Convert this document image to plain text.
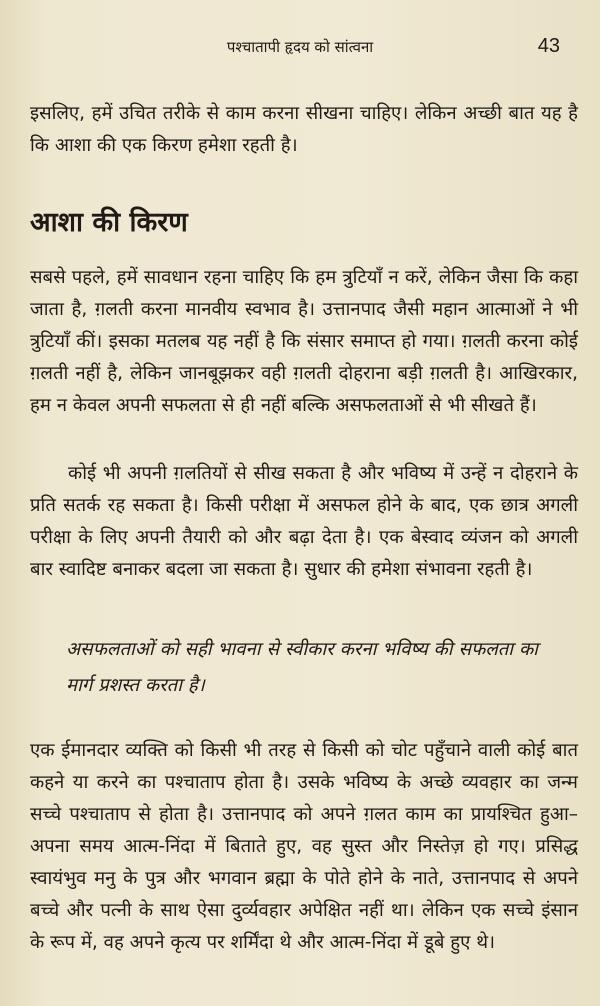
पश्चातापी हृदय को सांत्वना	43

इसलिए, हमें उचित तरीके से काम करना सीखना चाहिए। लेकिन अच्छी बात यह है कि आशा की एक किरण हमेशा रहती है।

आशा की किरण

सबसे पहले, हमें सावधान रहना चाहिए कि हम त्रुटियाँ न करें, लेकिन जैसा कि कहा जाता है, ग़लती करना मानवीय स्वभाव है। उत्तानपाद जैसी महान आत्माओं ने भी त्रुटियाँ कीं। इसका मतलब यह नहीं है कि संसार समाप्त हो गया। ग़लती करना कोई ग़लती नहीं है, लेकिन जानबूझकर वही ग़लती दोहराना बड़ी ग़लती है। आखिरकार, हम न केवल अपनी सफलता से ही नहीं बल्कि असफलताओं से भी सीखते हैं।

कोई भी अपनी ग़लतियों से सीख सकता है और भविष्य में उन्हें न दोहराने के प्रति सतर्क रह सकता है। किसी परीक्षा में असफल होने के बाद, एक छात्र अगली परीक्षा के लिए अपनी तैयारी को और बढ़ा देता है। एक बेस्वाद व्यंजन को अगली बार स्वादिष्ट बनाकर बदला जा सकता है। सुधार की हमेशा संभावना रहती है।

असफलताओं को सही भावना से स्वीकार करना भविष्य की सफलता का मार्ग प्रशस्त करता है।

एक ईमानदार व्यक्ति को किसी भी तरह से किसी को चोट पहुँचाने वाली कोई बात कहने या करने का पश्चाताप होता है। उसके भविष्य के अच्छे व्यवहार का जन्म सच्चे पश्चाताप से होता है। उत्तानपाद को अपने ग़लत काम का प्रायश्चित हुआ–अपना समय आत्म-निंदा में बिताते हुए, वह सुस्त और निस्तेज़ हो गए। प्रसिद्ध स्वायंभुव मनु के पुत्र और भगवान ब्रह्मा के पोते होने के नाते, उत्तानपाद से अपने बच्चे और पत्नी के साथ ऐसा दुर्व्यवहार अपेक्षित नहीं था। लेकिन एक सच्चे इंसान के रूप में, वह अपने कृत्य पर शर्मिंदा थे और आत्म-निंदा में डूबे हुए थे।
